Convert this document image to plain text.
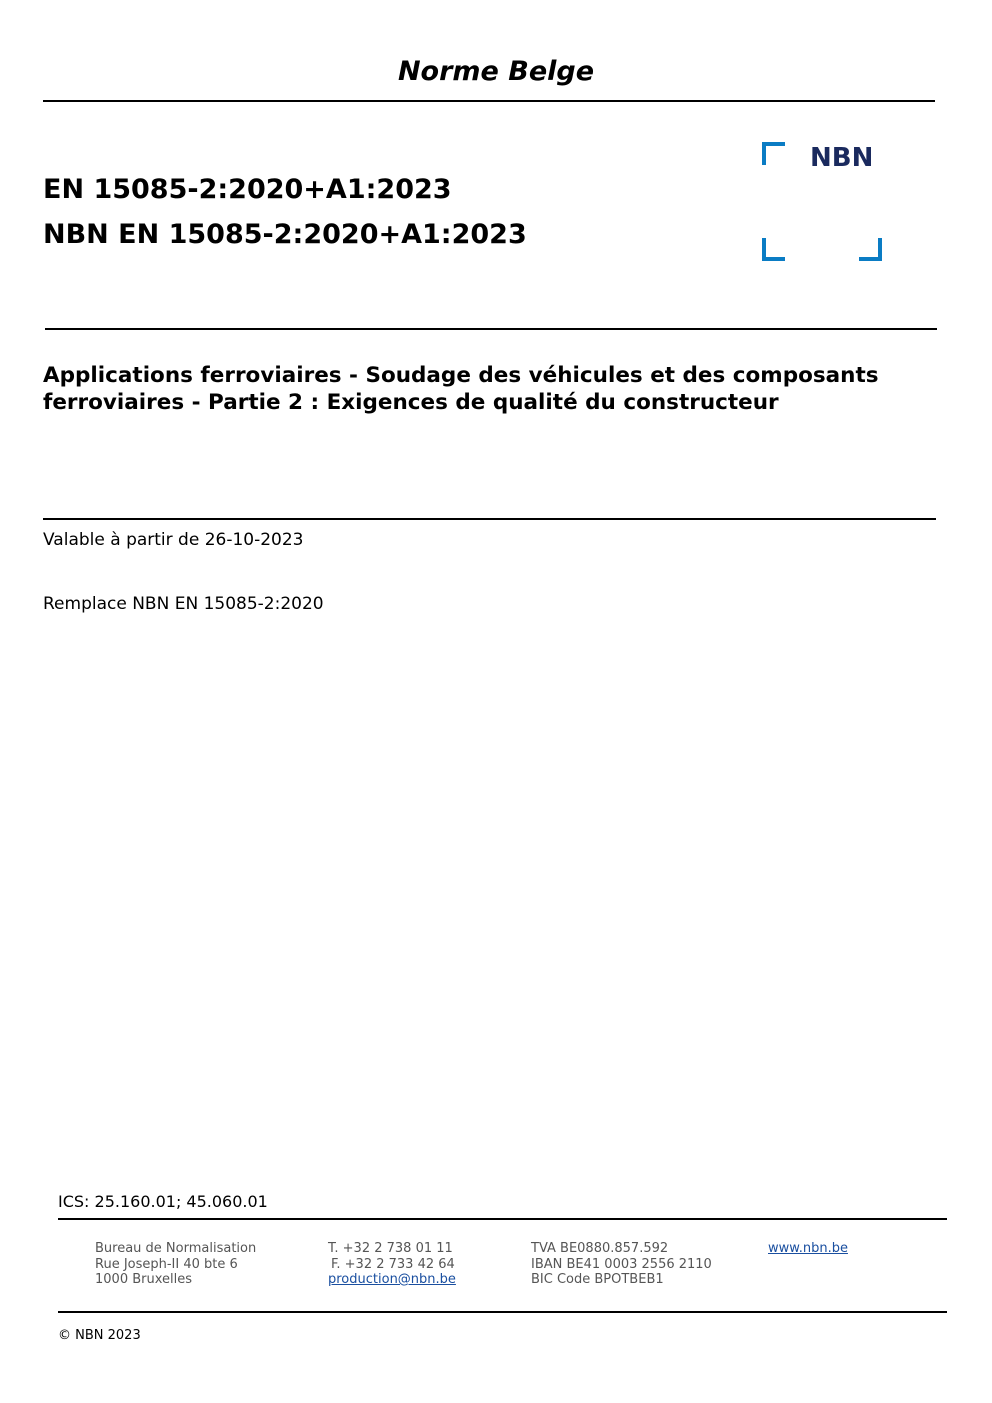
Norme Belge
EN 15085-2:2020+A1:2023
NBN EN 15085-2:2020+A1:2023
NBN
Applications ferroviaires - Soudage des véhicules et des composants ferroviaires - Partie 2 : Exigences de qualité du constructeur
Valable à partir de 26-10-2023
Remplace NBN EN 15085-2:2020
ICS: 25.160.01; 45.060.01
Bureau de Normalisation
Rue Joseph-II 40 bte 6
1000 Bruxelles
T. +32 2 738 01 11
F. +32 2 733 42 64
production@nbn.be
TVA BE0880.857.592
IBAN BE41 0003 2556 2110
BIC Code BPOTBEB1
www.nbn.be
© NBN 2023
